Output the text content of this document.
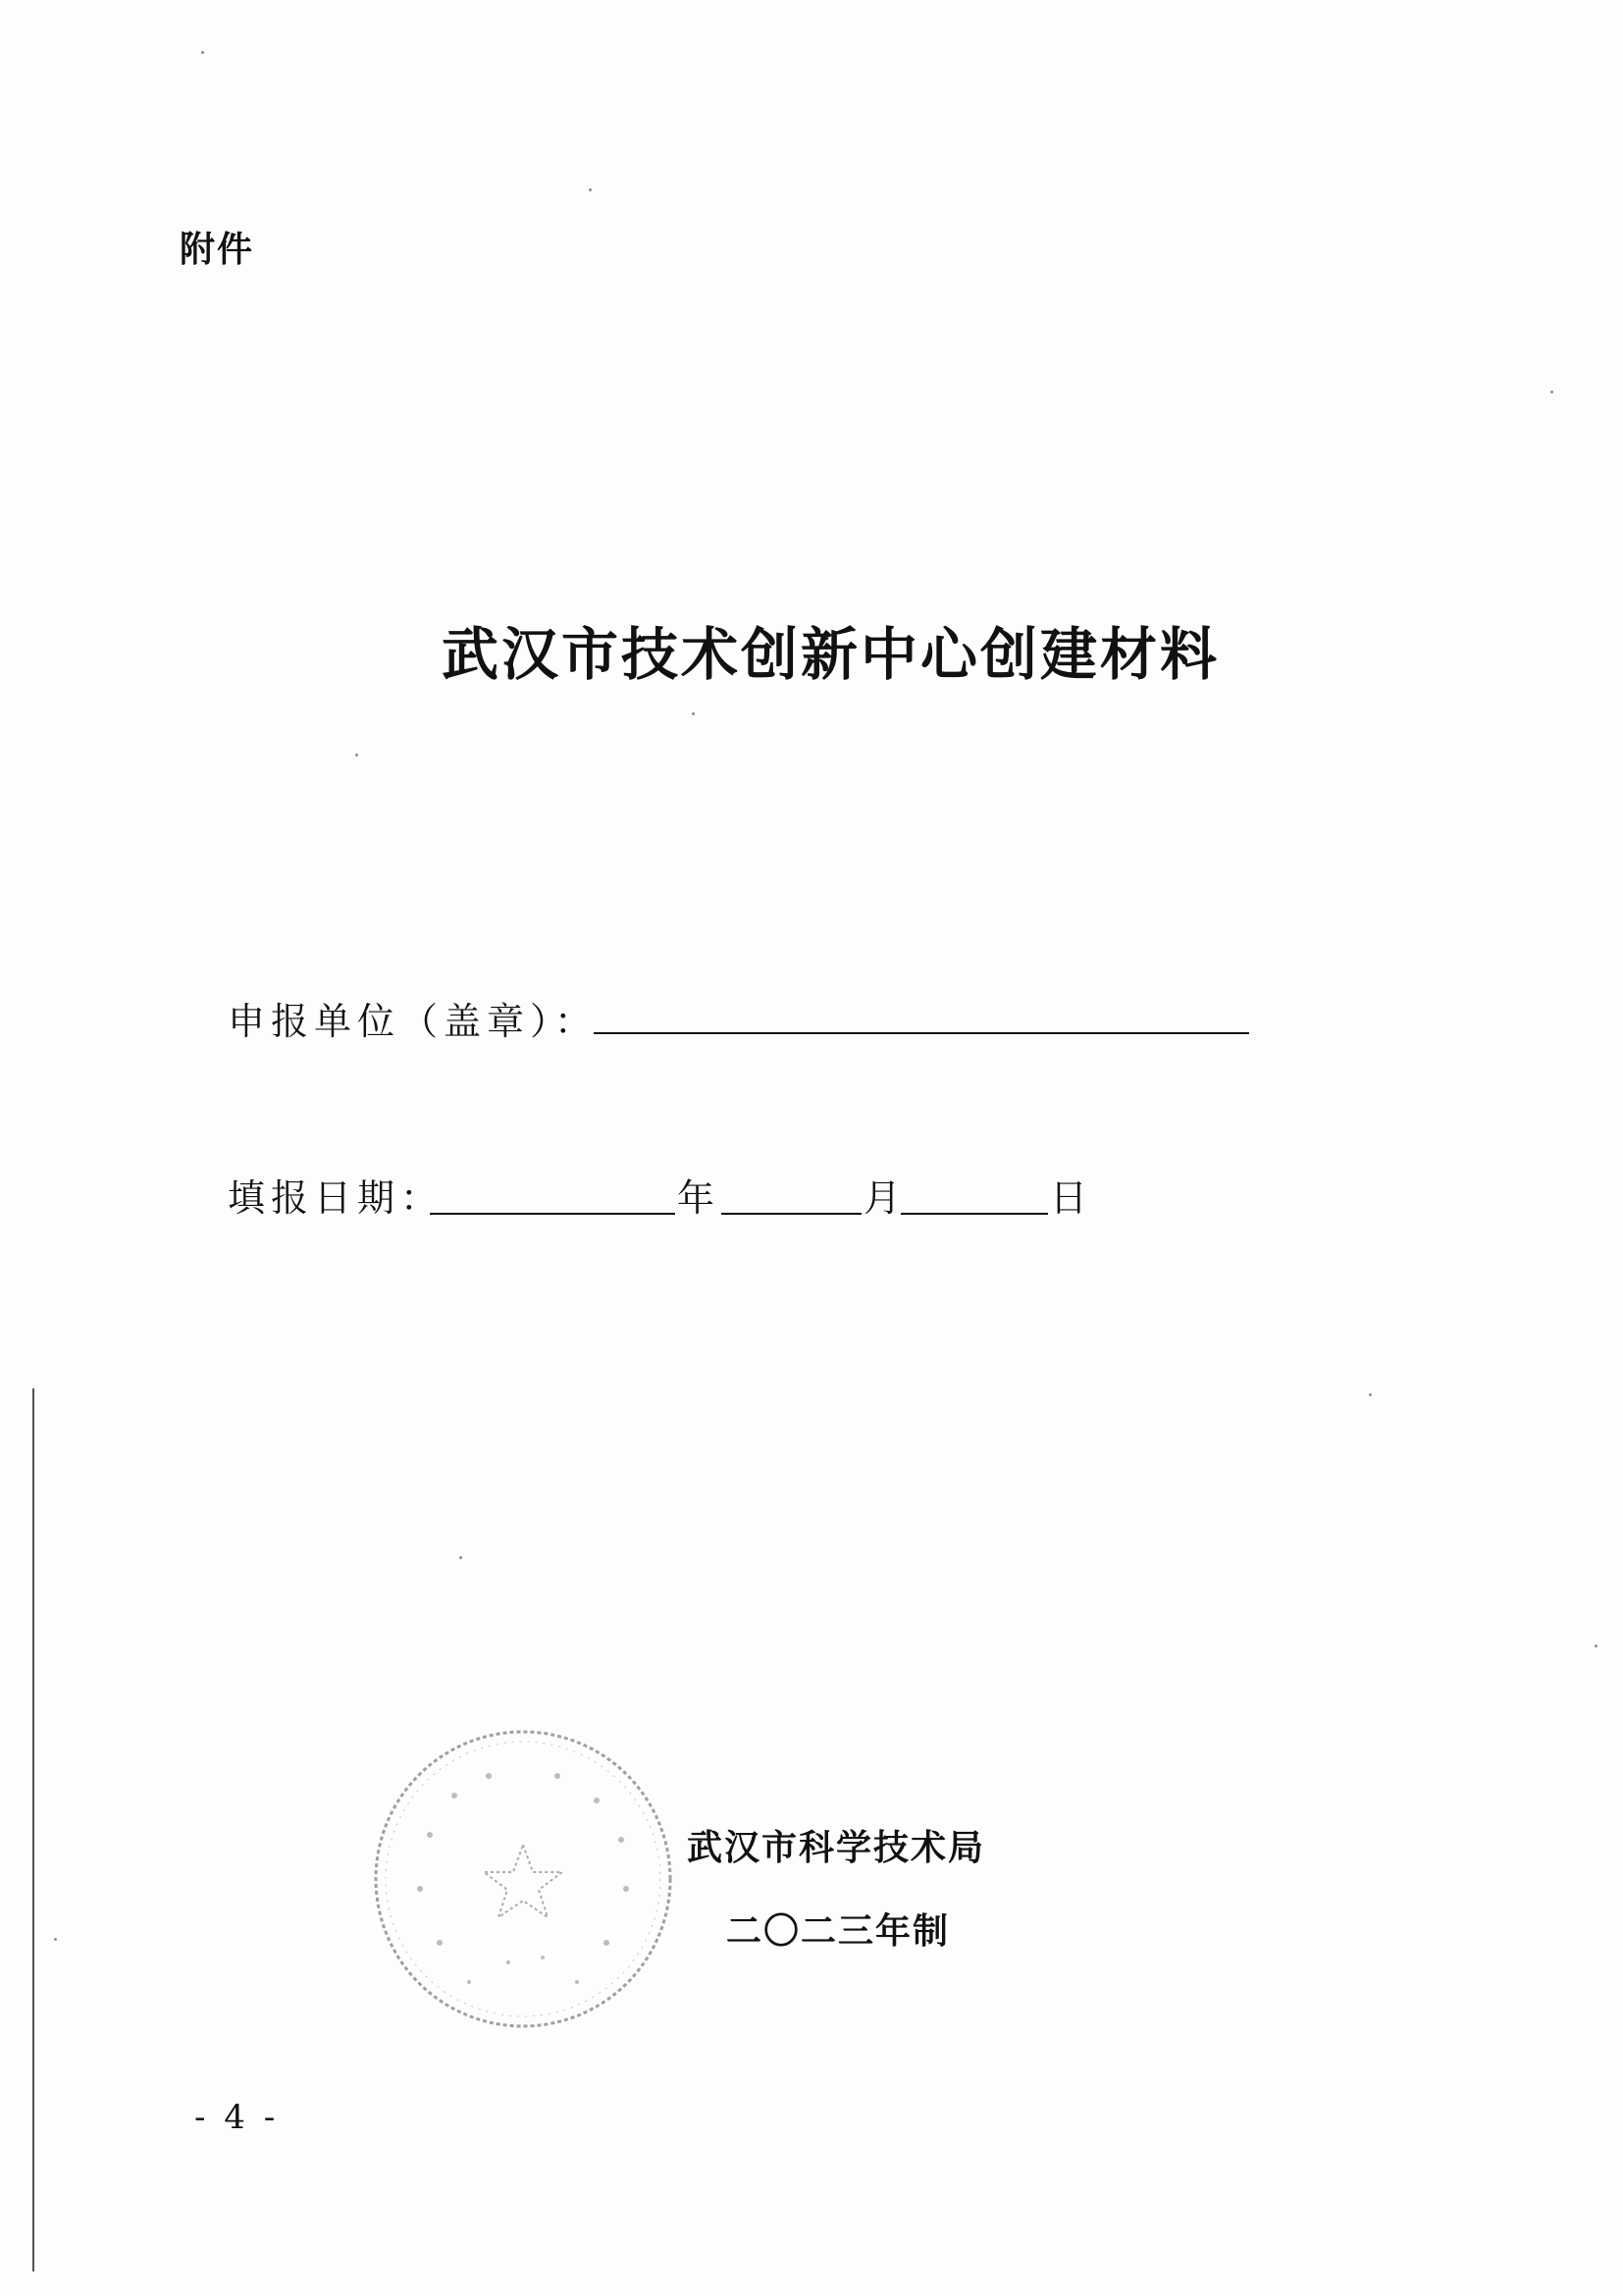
附件
武汉市技术创新中心创建材料
申报单位（盖章）：
填报日期：	年	月	日
武汉市科学技术局
二〇二三年制
- 4 -
